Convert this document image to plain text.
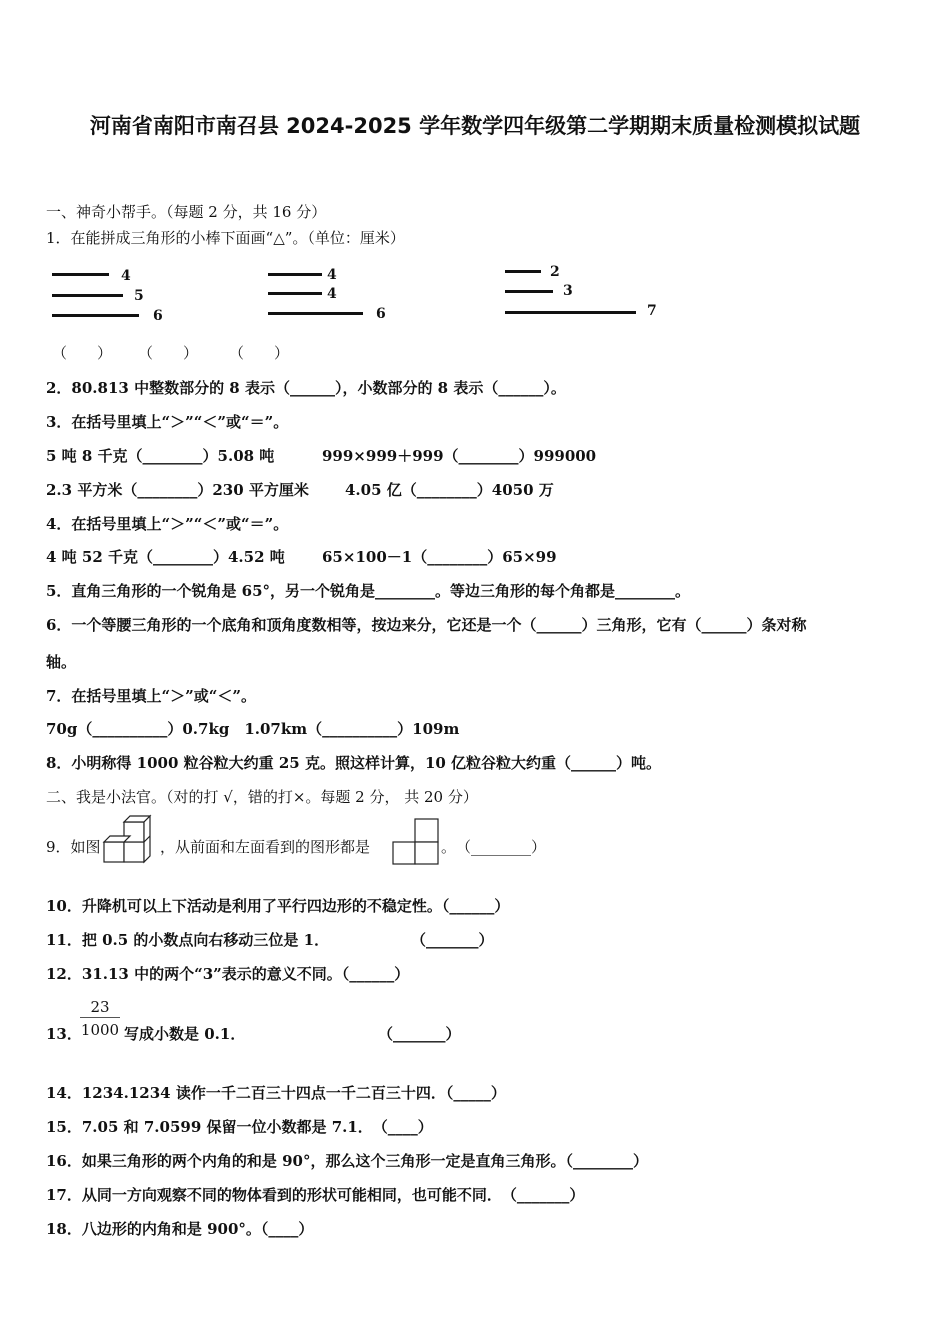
河南省南阳市南召县 2024-2025 学年数学四年级第二学期期末质量检测模拟试题
一、神奇小帮手。（每题 2 分，共 16 分）
1．在能拼成三角形的小棒下面画“△”。（单位：厘米）
4
5
6
4
4
6
2
3
7
（　　） （　　） （　　）
2．80.813 中整数部分的 8 表示（______），小数部分的 8 表示（______）。
3．在括号里填上“＞”“＜”或“＝”。
5 吨 8 千克（________）5.08 吨	999×999＋999（________）999000
2.3 平方米（________）230 平方厘米 4.05 亿（________）4050 万
4．在括号里填上“＞”“＜”或“＝”。
4 吨 52 千克（________）4.52 吨 65×100－1（________）65×99
5．直角三角形的一个锐角是 65°，另一个锐角是________。等边三角形的每个角都是________。
6．一个等腰三角形的一个底角和顶角度数相等，按边来分，它还是一个（______）三角形，它有（______）条对称
轴。
7．在括号里填上“＞”或“＜”。
70g（__________）0.7kg　1.07km（__________）109m
8．小明称得 1000 粒谷粒大约重 25 克。照这样计算，10 亿粒谷粒大约重（______）吨。
二、我是小法官。（对的打 √，错的打×。每题 2 分， 共 20 分）
9．如图	，从前面和左面看到的图形都是	。　（________）
10．升降机可以上下活动是利用了平行四边形的不稳定性。（______）
11．把 0.5 的小数点向右移动三位是 1．	（_______）
12．31.13 中的两个“3”表示的意义不同。（______）
13．
$\frac{23}{1000}$ 写成小数是 0.1．	（_______）
14．1234.1234 读作一千二百三十四点一千二百三十四．（_____）
15．7.05 和 7.0599 保留一位小数都是 7.1．　（____）
16．如果三角形的两个内角的和是 90°，那么这个三角形一定是直角三角形。（________）
17．从同一方向观察不同的物体看到的形状可能相同，也可能不同．　（_______）
18．八边形的内角和是 900°。（____）
